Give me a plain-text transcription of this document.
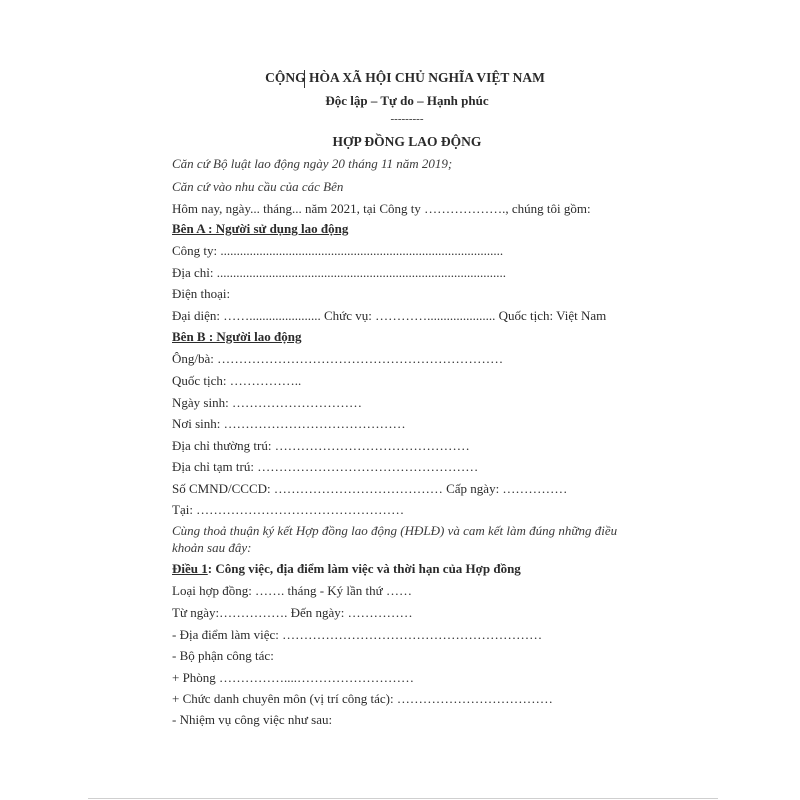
CỘNG HÒA XÃ HỘI CHỦ NGHĨA VIỆT NAM
Độc lập – Tự do – Hạnh phúc
---------
HỢP ĐỒNG LAO ĐỘNG
Căn cứ Bộ luật lao động ngày 20 tháng 11 năm 2019;
Căn cứ vào nhu cầu của các Bên
Hôm nay, ngày... tháng... năm 2021, tại Công ty ………………., chúng tôi gồm:
Bên A : Người sử dụng lao động
Công ty: .......................................................................................
Địa chỉ: .........................................................................................
Điện thoại:
Đại diện: ……...................... Chức vụ: …………..................... Quốc tịch: Việt Nam
Bên B : Người lao động
Ông/bà: …………………………………………………………
Quốc tịch: ……………..
Ngày sinh: …………………………
Nơi sinh: ……………………………………
Địa chỉ thường trú: ………………………………………
Địa chỉ tạm trú: ……………………………………………
Số CMND/CCCD: ………………………………… Cấp ngày: ……………
Tại: …………………………………………
Cùng thoả thuận ký kết Hợp đồng lao động (HĐLĐ) và cam kết làm đúng những điều khoản sau đây:
Điều 1: Công việc, địa điểm làm việc và thời hạn của Hợp đồng
Loại hợp đồng: ……. tháng - Ký lần thứ ……
Từ ngày:……………. Đến ngày: ……………
- Địa điểm làm việc: ……………………………………………………
- Bộ phận công tác:
+ Phòng ……………....………………………
+ Chức danh chuyên môn (vị trí công tác): ………………………………
- Nhiệm vụ công việc như sau:
